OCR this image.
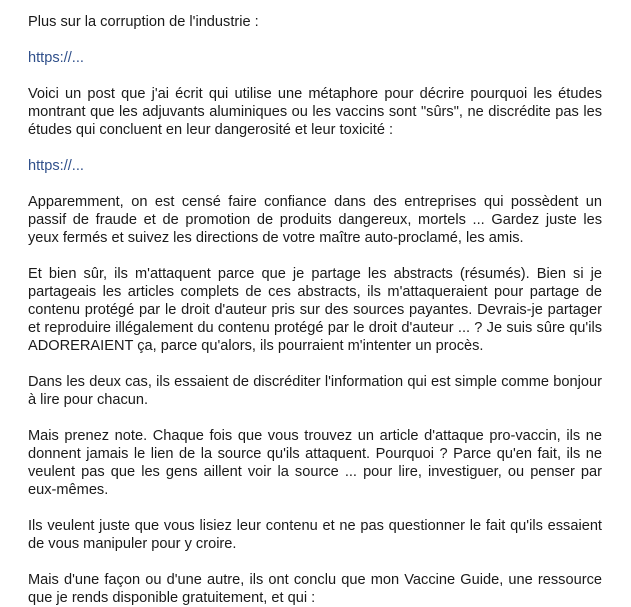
Plus sur la corruption de l'industrie :

https://...

Voici un post que j'ai écrit qui utilise une métaphore pour décrire pourquoi les études montrant que les adjuvants aluminiques ou les vaccins sont "sûrs", ne discrédite pas les études qui concluent en leur dangerosité et leur toxicité :

https://...

Apparemment, on est censé faire confiance dans des entreprises qui possèdent un passif de fraude et de promotion de produits dangereux, mortels ... Gardez juste les yeux fermés et suivez les directions de votre maître auto-proclamé, les amis.

Et bien sûr, ils m'attaquent parce que je partage les abstracts (résumés). Bien si je partageais les articles complets de ces abstracts, ils m'attaqueraient pour partage de contenu protégé par le droit d'auteur pris sur des sources payantes. Devrais-je partager et reproduire illégalement du contenu protégé par le droit d'auteur ... ? Je suis sûre qu'ils ADORERAIENT ça, parce qu'alors, ils pourraient m'intenter un procès.

Dans les deux cas, ils essaient de discréditer l'information qui est simple comme bonjour à lire pour chacun.

Mais prenez note. Chaque fois que vous trouvez un article d'attaque pro-vaccin, ils ne donnent jamais le lien de la source qu'ils attaquent. Pourquoi ? Parce qu'en fait, ils ne veulent pas que les gens aillent voir la source ... pour lire, investiguer, ou penser par eux-mêmes.

Ils veulent juste que vous lisiez leur contenu et ne pas questionner le fait qu'ils essaient de vous manipuler pour y croire.

Mais d'une façon ou d'une autre, ils ont conclu que mon Vaccine Guide, une ressource que je rends disponible gratuitement, et qui :
